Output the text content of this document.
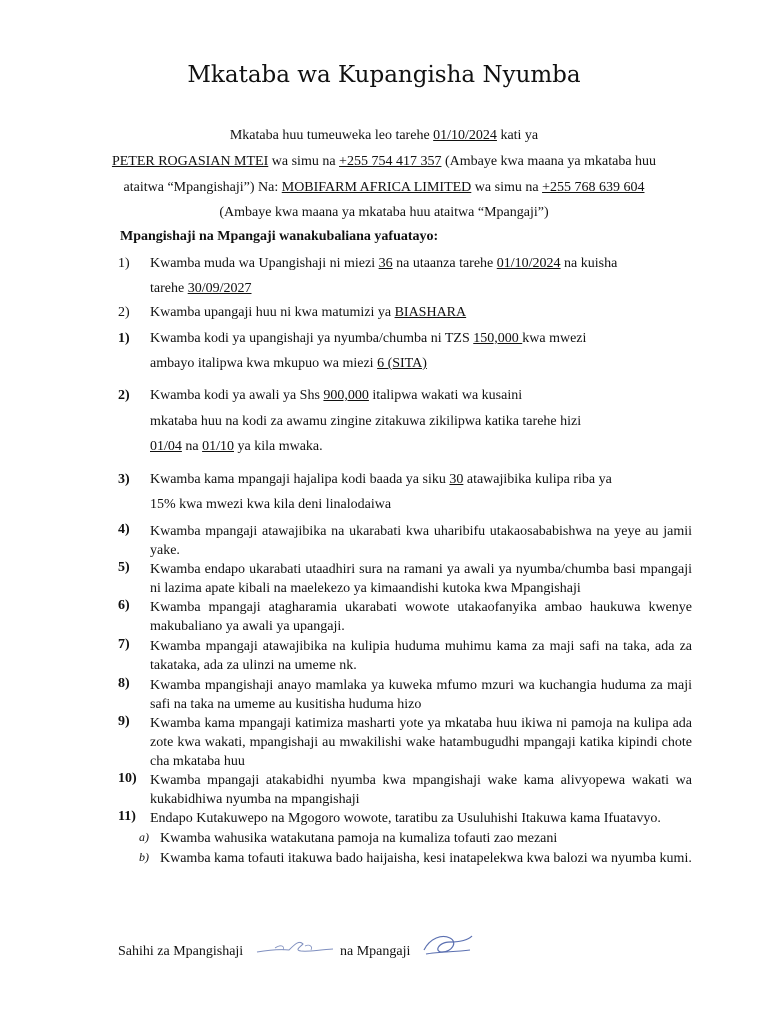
Mkataba wa Kupangisha Nyumba
Mkataba huu tumeuweka leo tarehe 01/10/2024 kati ya
PETER ROGASIAN MTEI wa simu na +255 754 417 357 (Ambaye kwa maana ya mkataba huu
ataitwa “Mpangishaji”) Na: MOBIFARM AFRICA LIMITED wa simu na +255 768 639 604
(Ambaye kwa maana ya mkataba huu ataitwa “Mpangaji”)
Mpangishaji na Mpangaji wanakubaliana yafuatayo:
1) Kwamba muda wa Upangishaji ni miezi 36 na utaanza tarehe 01/10/2024 na kuisha
tarehe 30/09/2027
2) Kwamba upangaji huu ni kwa matumizi ya BIASHARA
1) Kwamba kodi ya upangishaji ya nyumba/chumba ni TZS 150,000 kwa mwezi
ambayo italipwa kwa mkupuo wa miezi 6 (SITA)
2) Kwamba kodi ya awali ya Shs 900,000 italipwa wakati wa kusaini
mkataba huu na kodi za awamu zingine zitakuwa zikilipwa katika tarehe hizi
01/04 na 01/10 ya kila mwaka.
3) Kwamba kama mpangaji hajalipa kodi baada ya siku 30 atawajibika kulipa riba ya
15% kwa mwezi kwa kila deni linalodaiwa
4) Kwamba mpangaji atawajibika na ukarabati kwa uharibifu utakaosababishwa na yeye au jamii yake.
5) Kwamba endapo ukarabati utaadhiri sura na ramani ya awali ya nyumba/chumba basi mpangaji ni lazima apate kibali na maelekezo ya kimaandishi kutoka kwa Mpangishaji
6) Kwamba mpangaji atagharamia ukarabati wowote utakaofanyika ambao haukuwa kwenye makubaliano ya awali ya upangaji.
7) Kwamba mpangaji atawajibika na kulipia huduma muhimu kama za maji safi na taka, ada za takataka, ada za ulinzi na umeme nk.
8) Kwamba mpangishaji anayo mamlaka ya kuweka mfumo mzuri wa kuchangia huduma za maji safi na taka na umeme au kusitisha huduma hizo
9) Kwamba kama mpangaji katimiza masharti yote ya mkataba huu ikiwa ni pamoja na kulipa ada zote kwa wakati, mpangishaji au mwakilishi wake hatambugudhi mpangaji katika kipindi chote cha mkataba huu
10) Kwamba mpangaji atakabidhi nyumba kwa mpangishaji wake kama alivyopewa wakati wa kukabidhiwa nyumba na mpangishaji
11) Endapo Kutakuwepo na Mgogoro wowote, taratibu za Usuluhishi Itakuwa kama Ifuatavyo.
a) Kwamba wahusika watakutana pamoja na kumaliza tofauti zao mezani
b) Kwamba kama tofauti itakuwa bado haijaisha, kesi inatapelekwa kwa balozi wa nyumba kumi.
Sahihi za Mpangishaji	na Mpangaji
